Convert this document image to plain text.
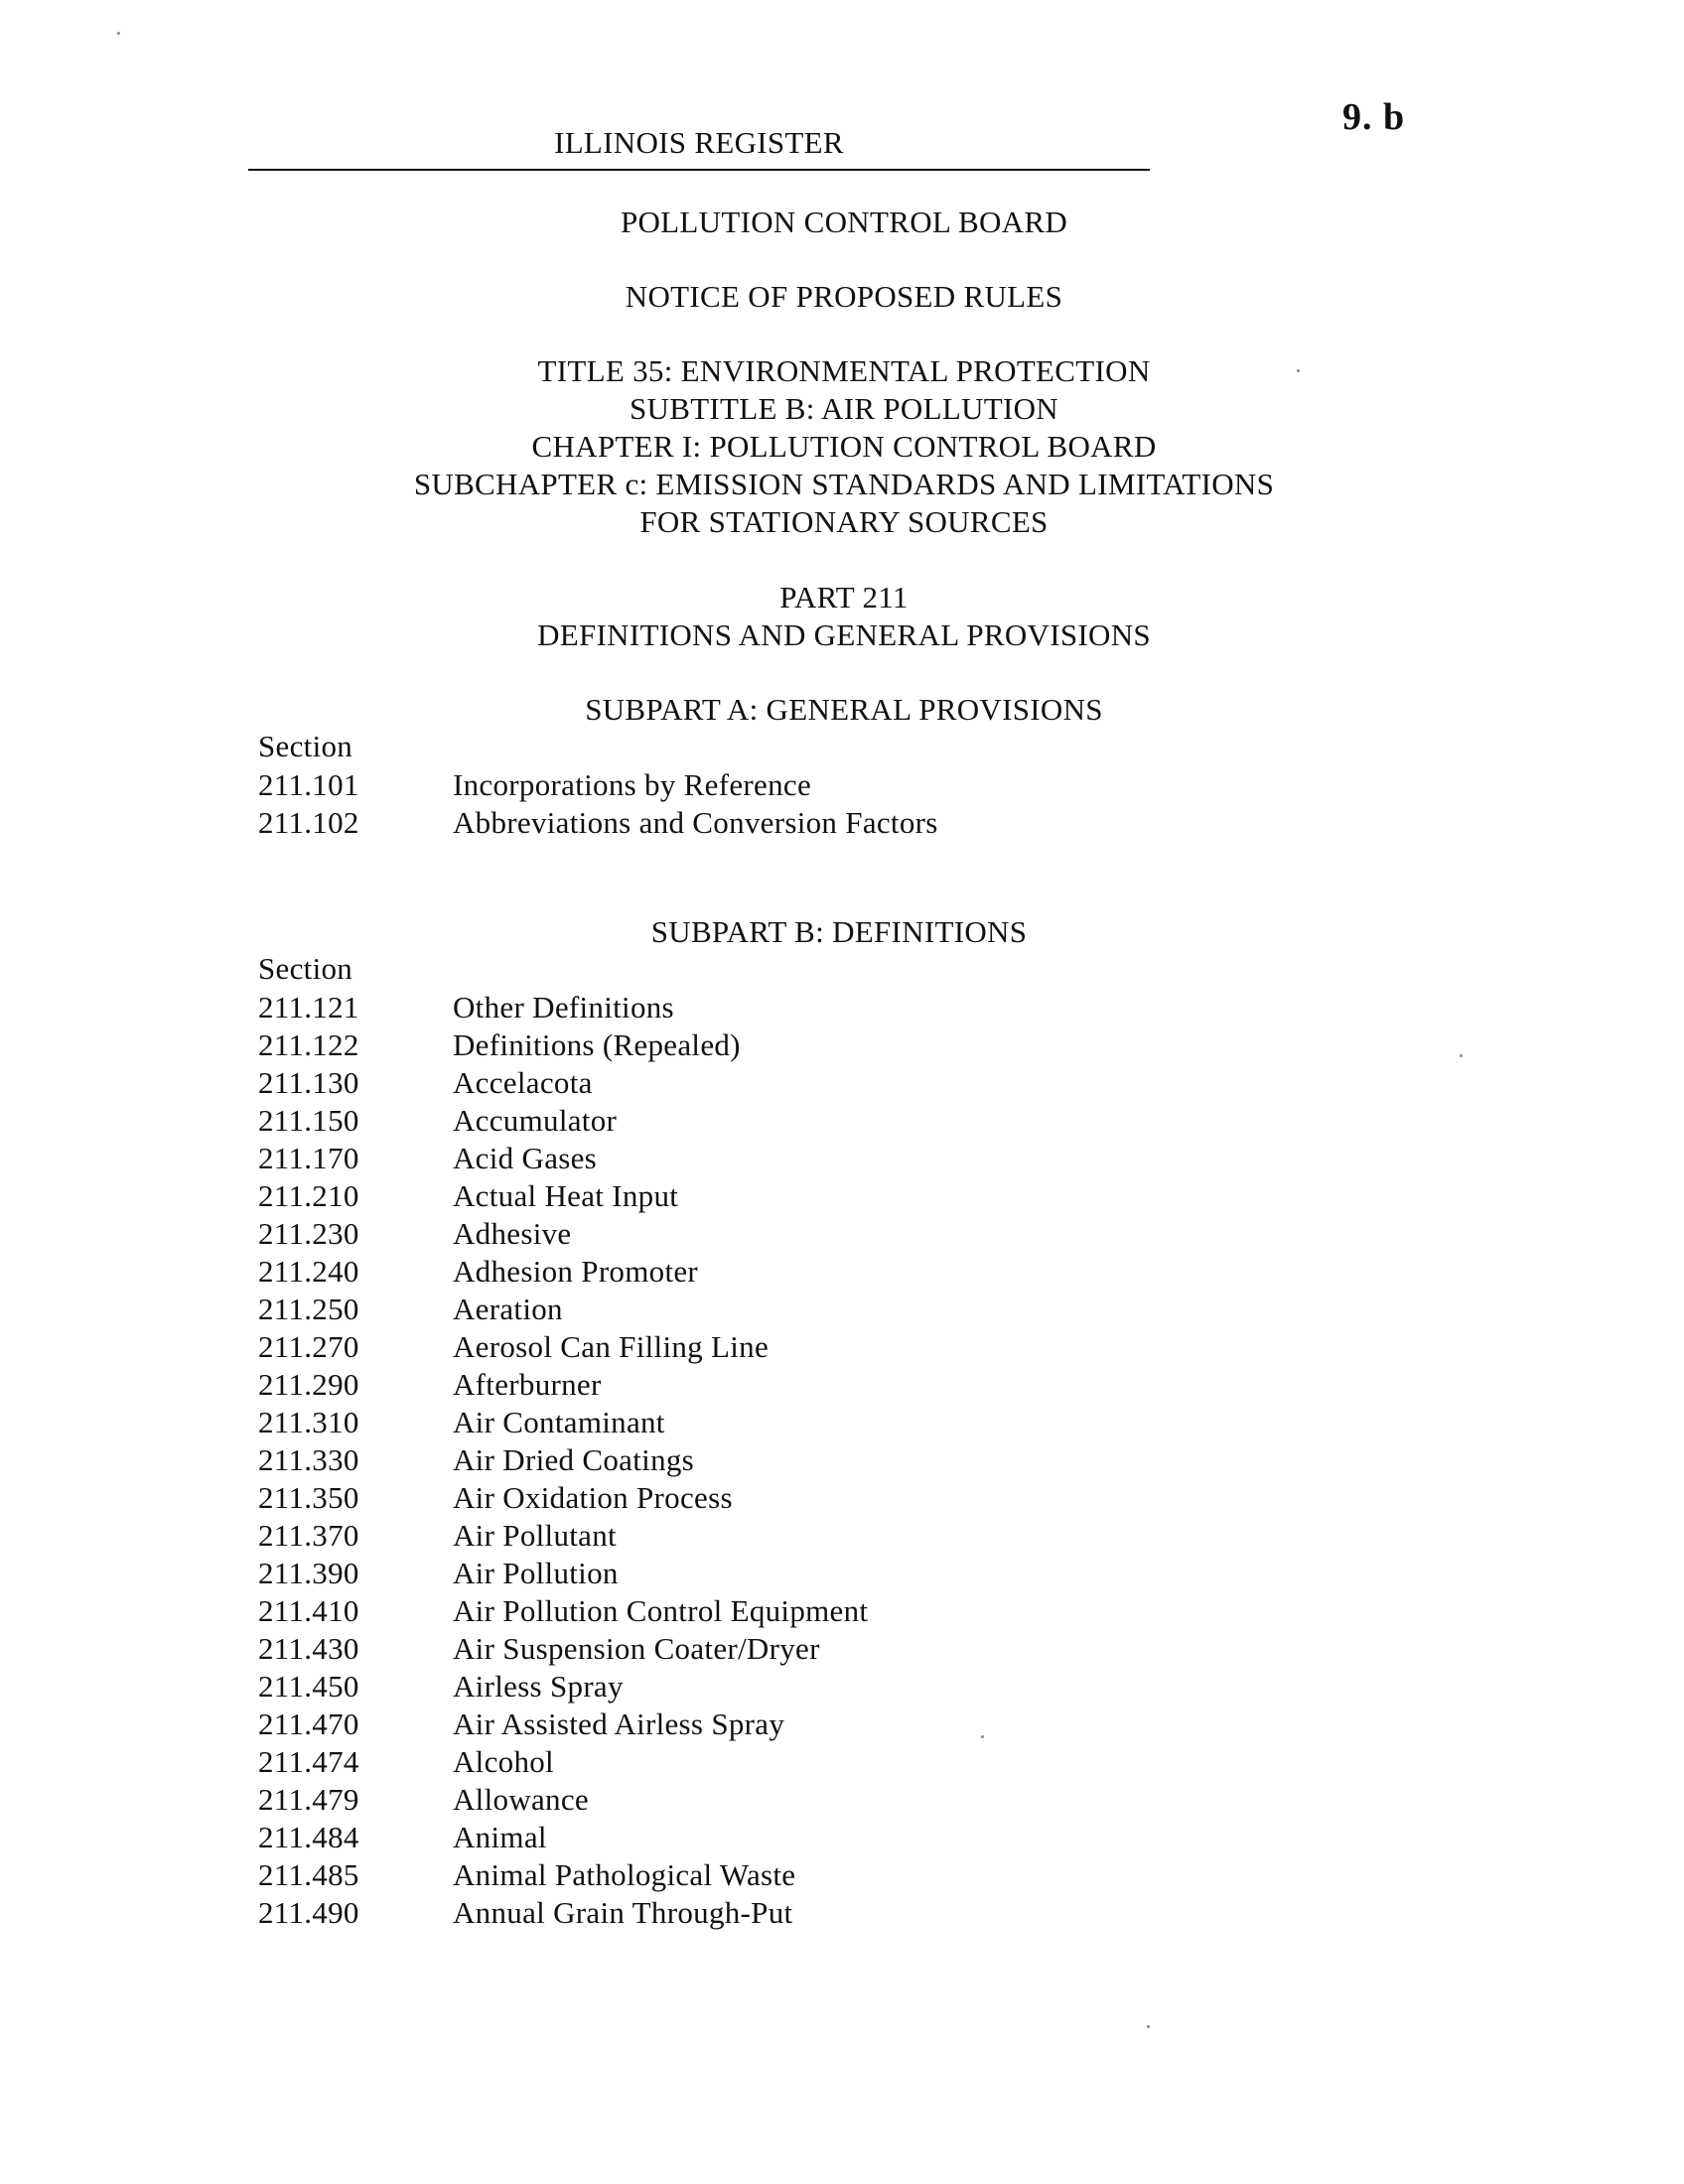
9. b
ILLINOIS REGISTER
POLLUTION CONTROL BOARD
NOTICE OF PROPOSED RULES
TITLE 35: ENVIRONMENTAL PROTECTION
SUBTITLE B: AIR POLLUTION
CHAPTER I: POLLUTION CONTROL BOARD
SUBCHAPTER c: EMISSION STANDARDS AND LIMITATIONS
FOR STATIONARY SOURCES
PART 211
DEFINITIONS AND GENERAL PROVISIONS
SUBPART A: GENERAL PROVISIONS
Section
211.101	Incorporations by Reference
211.102	Abbreviations and Conversion Factors
SUBPART B: DEFINITIONS
Section
211.121	Other Definitions
211.122	Definitions (Repealed)
211.130	Accelacota
211.150	Accumulator
211.170	Acid Gases
211.210	Actual Heat Input
211.230	Adhesive
211.240	Adhesion Promoter
211.250	Aeration
211.270	Aerosol Can Filling Line
211.290	Afterburner
211.310	Air Contaminant
211.330	Air Dried Coatings
211.350	Air Oxidation Process
211.370	Air Pollutant
211.390	Air Pollution
211.410	Air Pollution Control Equipment
211.430	Air Suspension Coater/Dryer
211.450	Airless Spray
211.470	Air Assisted Airless Spray
211.474	Alcohol
211.479	Allowance
211.484	Animal
211.485	Animal Pathological Waste
211.490	Annual Grain Through-Put
